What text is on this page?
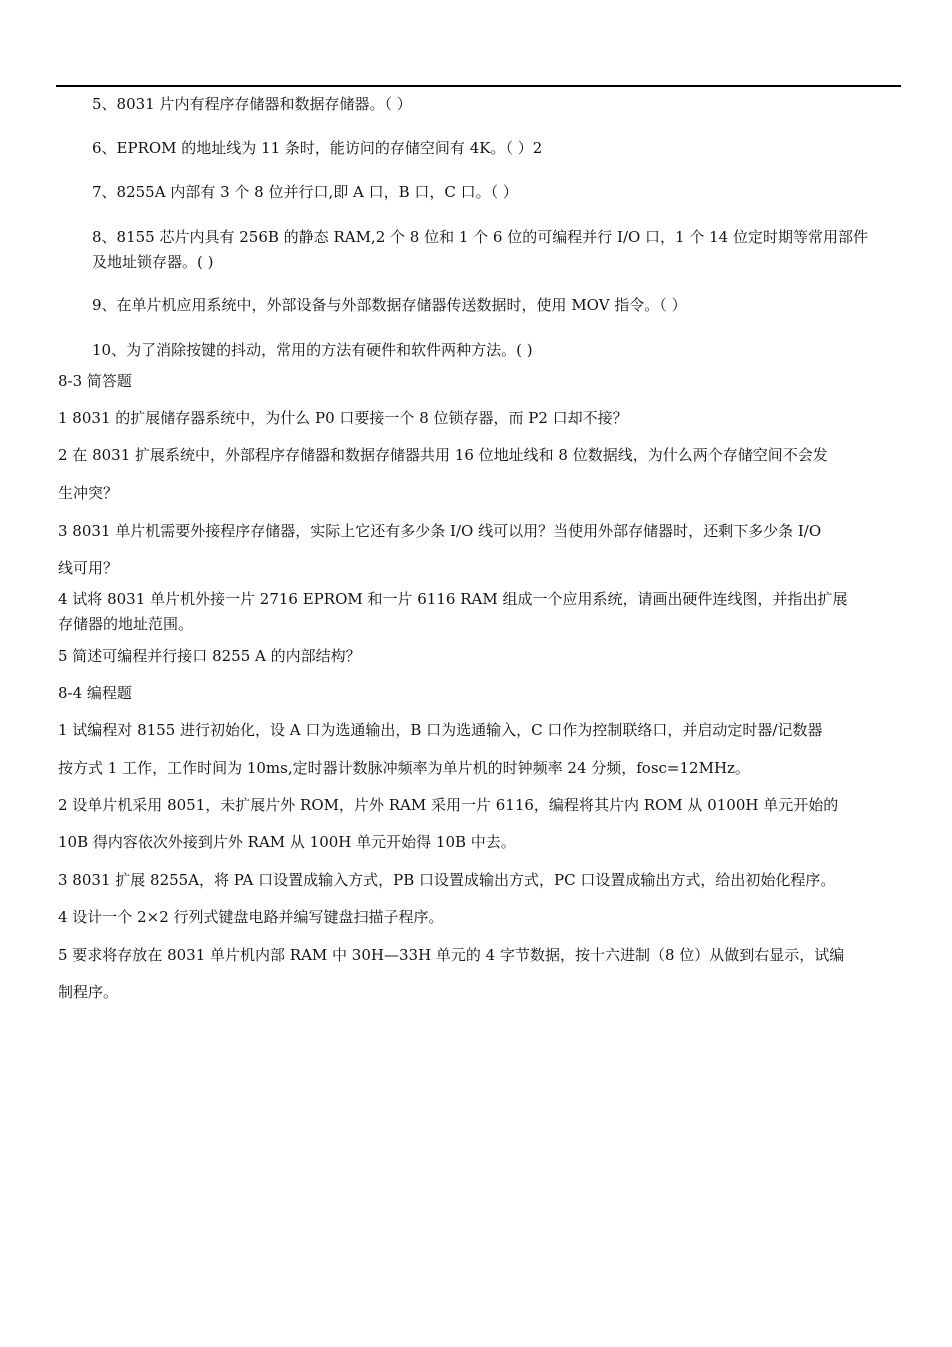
5、8031 片内有程序存储器和数据存储器。（ ）
6、EPROM 的地址线为 11 条时，能访问的存储空间有 4K。（ ）2
7、8255A 内部有 3 个 8 位并行口,即 A 口，B 口，C 口。（ ）
8、8155 芯片内具有 256B 的静态 RAM,2 个 8 位和 1 个 6 位的可编程并行 I/O 口，1 个 14 位定时期等常用部件
及地址锁存器。( )
9、在单片机应用系统中，外部设备与外部数据存储器传送数据时，使用 MOV 指令。（ ）
10、为了消除按键的抖动，常用的方法有硬件和软件两种方法。( )
8-3 简答题
1 8031 的扩展储存器系统中，为什么 P0 口要接一个 8 位锁存器，而 P2 口却不接？
2 在 8031 扩展系统中，外部程序存储器和数据存储器共用 16 位地址线和 8 位数据线，为什么两个存储空间不会发
生冲突？
3 8031 单片机需要外接程序存储器，实际上它还有多少条 I/O 线可以用？当使用外部存储器时，还剩下多少条 I/O
线可用？
4 试将 8031 单片机外接一片 2716 EPROM 和一片 6116 RAM 组成一个应用系统，请画出硬件连线图，并指出扩展
存储器的地址范围。
5 简述可编程并行接口 8255 A 的内部结构？
8-4 编程题
1 试编程对 8155 进行初始化，设 A 口为选通输出，B 口为选通输入，C 口作为控制联络口，并启动定时器/记数器
按方式 1 工作，工作时间为 10ms,定时器计数脉冲频率为单片机的时钟频率 24 分频，fosc=12MHz。
2 设单片机采用 8051，未扩展片外 ROM，片外 RAM 采用一片 6116，编程将其片内 ROM 从 0100H 单元开始的
10B 得内容依次外接到片外 RAM 从 100H 单元开始得 10B 中去。
3 8031 扩展 8255A，将 PA 口设置成输入方式，PB 口设置成输出方式，PC 口设置成输出方式，给出初始化程序。
4 设计一个 2×2 行列式键盘电路并编写键盘扫描子程序。
5 要求将存放在 8031 单片机内部 RAM 中 30H—33H 单元的 4 字节数据，按十六进制（8 位）从做到右显示，试编
制程序。
